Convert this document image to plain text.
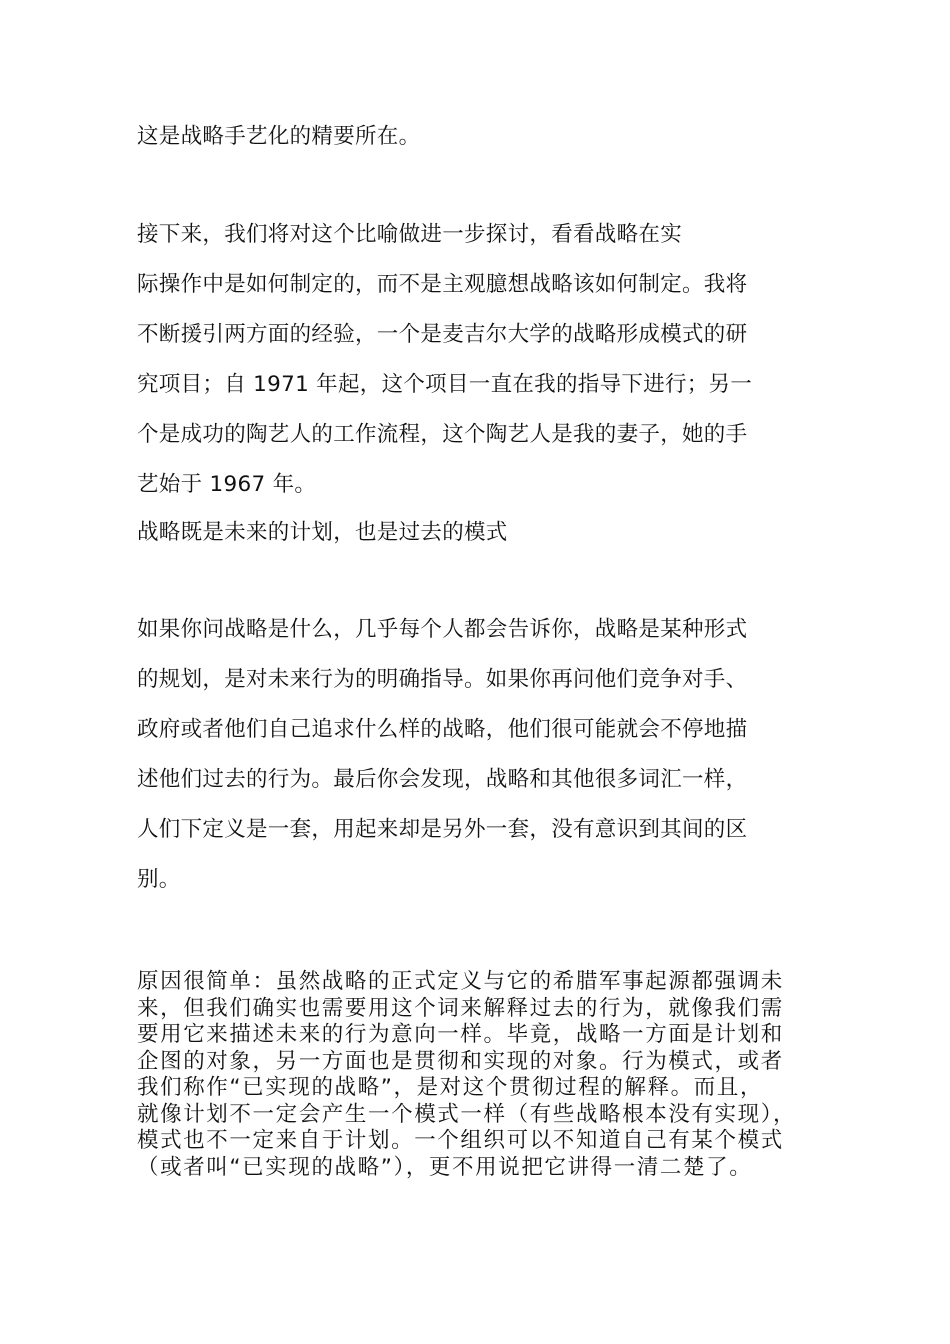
这是战略手艺化的精要所在。
接下来，我们将对这个比喻做进一步探讨，看看战略在实
际操作中是如何制定的，而不是主观臆想战略该如何制定。我将
不断援引两方面的经验，一个是麦吉尔大学的战略形成模式的研
究项目；自 1971 年起，这个项目一直在我的指导下进行；另一
个是成功的陶艺人的工作流程，这个陶艺人是我的妻子，她的手
艺始于 1967 年。
战略既是未来的计划，也是过去的模式
如果你问战略是什么，几乎每个人都会告诉你，战略是某种形式
的规划，是对未来行为的明确指导。如果你再问他们竞争对手、
政府或者他们自己追求什么样的战略，他们很可能就会不停地描
述他们过去的行为。最后你会发现，战略和其他很多词汇一样，
人们下定义是一套，用起来却是另外一套，没有意识到其间的区
别。
原因很简单：虽然战略的正式定义与它的希腊军事起源都强调未
来，但我们确实也需要用这个词来解释过去的行为，就像我们需
要用它来描述未来的行为意向一样。毕竟，战略一方面是计划和
企图的对象，另一方面也是贯彻和实现的对象。行为模式，或者
我们称作“已实现的战略”，是对这个贯彻过程的解释。而且，
就像计划不一定会产生一个模式一样（有些战略根本没有实现），
模式也不一定来自于计划。一个组织可以不知道自己有某个模式
（或者叫“已实现的战略”），更不用说把它讲得一清二楚了。
